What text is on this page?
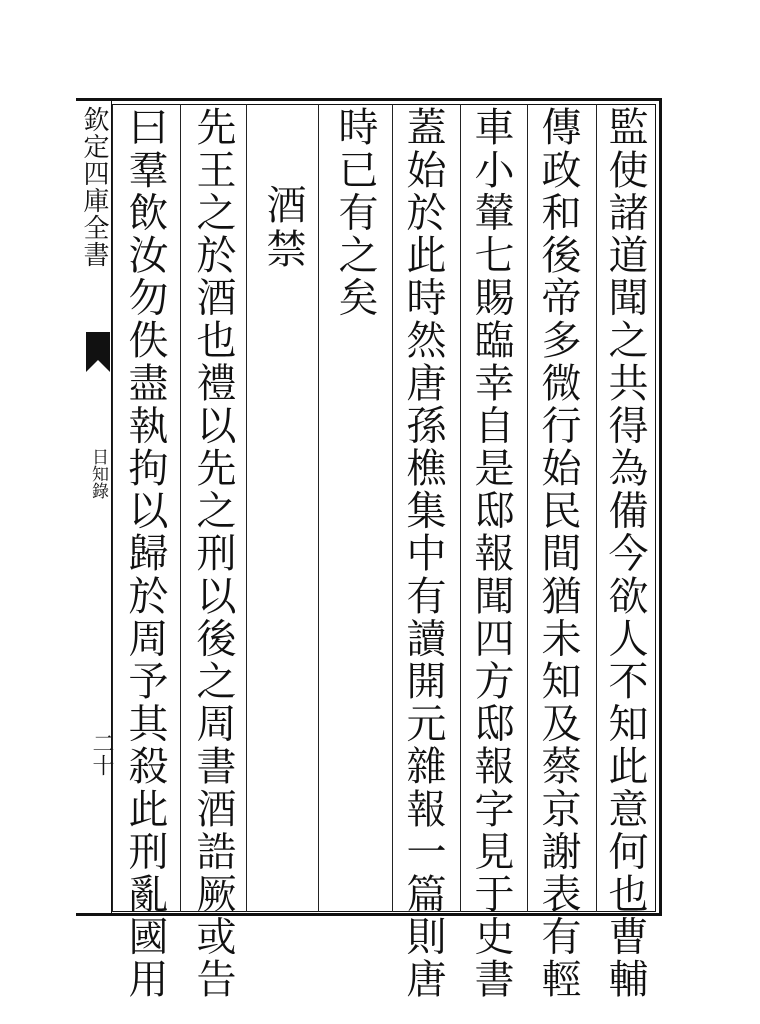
欽定四庫全書
日知錄
二十	監使諸道聞之共得為備今欲人不知此意何也曹輔
傳政和後帝多微行始民間猶未知及蔡京謝表有輕
車小輦七賜臨幸自是邸報聞四方邸報字見于史書
蓋始於此時然唐孫樵集中有讀開元雜報一篇則唐
時已有之矣
酒禁
先王之於酒也禮以先之刑以後之周書酒誥厥或告
曰羣飲汝勿佚盡執拘以歸於周予其殺此刑亂國用
